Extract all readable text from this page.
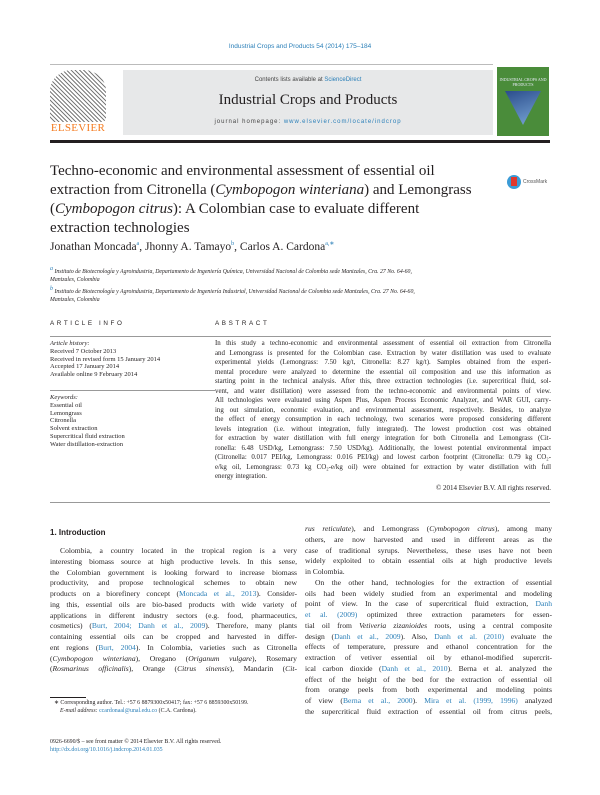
Industrial Crops and Products 54 (2014) 175–184
ELSEVIER
Contents lists available at ScienceDirect
Industrial Crops and Products
journal homepage: www.elsevier.com/locate/indcrop
INDUSTRIAL CROPS AND PRODUCTS
Techno-economic and environmental assessment of essential oil
extraction from Citronella (Cymbopogon winteriana) and Lemongrass
(Cymbopogon citrus): A Colombian case to evaluate different
extraction technologies
CrossMark
Jonathan Moncada$^a$, Jhonny A. Tamayo$^b$, Carlos A. Cardona$^{a,∗}$
$^a$ Instituto de Biotecnología y Agroindustria, Departamento de Ingeniería Química, Universidad Nacional de Colombia sede Manizales, Cra. 27 No. 64-60,
Manizales, Colombia
$^b$ Instituto de Biotecnología y Agroindustria, Departamento de Ingeniería Industrial, Universidad Nacional de Colombia sede Manizales, Cra. 27 No. 64-60,
Manizales, Colombia
ARTICLE INFO	ABSTRACT
Article history:
Received 7 October 2013
Received in revised form 15 January 2014
Accepted 17 January 2014
Available online 9 February 2014
Keywords:
Essential oil
Lemongrass
Citronella
Solvent extraction
Supercritical fluid extraction
Water distillation-extraction
In this study a techno-economic and environmental assessment of essential oil extraction from Citronella
and Lemongrass is presented for the Colombian case. Extraction by water distillation was used to evaluate
experimental yields (Lemongrass: 7.50 kg/t, Citronella: 8.27 kg/t). Samples obtained from the experi-
mental procedure were analyzed to determine the essential oil composition and use this information as
starting point in the technical analysis. After this, three extraction technologies (i.e. supercritical fluid, sol-
vent, and water distillation) were assessed from the techno-economic and environmental points of view.
All technologies were evaluated using Aspen Plus, Aspen Process Economic Analyzer, and WAR GUI, carry-
ing out simulation, economic evaluation, and environmental assessment, respectively. Besides, to analyze
the effect of energy consumption in each technology, two scenarios were proposed considering different
levels integration (i.e. without integration, fully integrated). The lowest production cost was obtained
for extraction by water distillation with full energy integration for both Citronella and Lemongrass (Cit-
ronella: 6.48 USD/kg, Lemongrass: 7.50 USD/kg). Additionally, the lowest potential environmental impact
(Citronella: 0.017 PEI/kg, Lemongrass: 0.016 PEI/kg) and lowest carbon footprint (Citronella: 0.79 kg CO₂-
e/kg oil, Lemongrass: 0.73 kg CO₂-e/kg oil) were obtained for extraction by water distillation with full
energy integration.
© 2014 Elsevier B.V. All rights reserved.
1. Introduction
Colombia, a country located in the tropical region is a very
interesting biomass source at high productive levels. In this sense,
the Colombian government is looking forward to increase biomass
productivity, and propose technological schemes to obtain new
products on a biorefinery concept (Moncada et al., 2013). Consider-
ing this, essential oils are bio-based products with wide variety of
applications in different industry sectors (e.g. food, pharmaceutics,
cosmetics) (Burt, 2004; Danh et al., 2009). Therefore, many plants
containing essential oils can be cropped and harvested in differ-
ent regions (Burt, 2004). In Colombia, varieties such as Citronella
(Cymbopogon winteriana), Oregano (Origanum vulgare), Rosemary
(Rosmarinus officinalis), Orange (Citrus sinensis), Mandarin (Cit-
rus reticulate), and Lemongrass (Cymbopogon citrus), among many
others, are now harvested and used in different areas as the
case of traditional syrups. Nevertheless, these uses have not been
widely exploited to obtain essential oils at high productive levels
in Colombia.
On the other hand, technologies for the extraction of essential
oils had been widely studied from an experimental and modeling
point of view. In the case of supercritical fluid extraction, Danh
et al. (2009) optimized three extraction parameters for essen-
tial oil from Vetiveria zizanioides roots, using a central composite
design (Danh et al., 2009). Also, Danh et al. (2010) evaluate the
effects of temperature, pressure and ethanol concentration for the
extraction of vetiver essential oil by ethanol-modified supercrit-
ical carbon dioxide (Danh et al., 2010). Berna et al. analyzed the
effect of the height of the bed for the extraction of essential oil
from orange peels from both experimental and modeling points
of view (Berna et al., 2000). Mira et al. (1999, 1996) analyzed
the supercritical fluid extraction of essential oil from citrus peels,
∗ Corresponding author. Tel.: +57 6 8879300x50417; fax: +57 6 8859300x50199.
E-mail address: ccardonaal@unal.edu.co (C.A. Cardona).
0926-6690/$ – see front matter © 2014 Elsevier B.V. All rights reserved.
http://dx.doi.org/10.1016/j.indcrop.2014.01.035
